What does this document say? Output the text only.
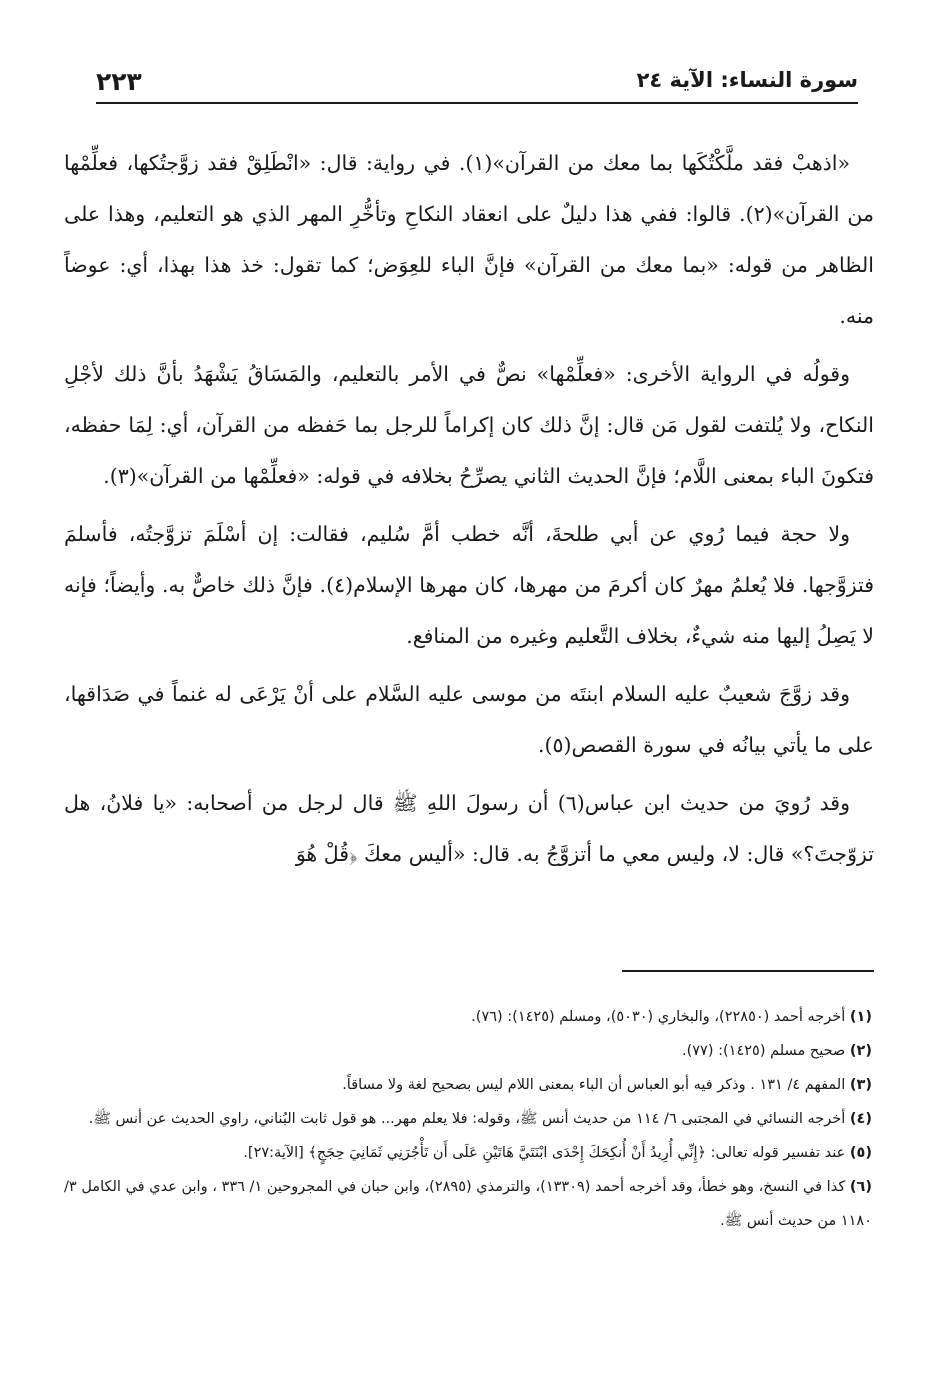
سورة النساء: الآية ٢٤
٢٢٣

«اذهبْ فقد ملَّكْتُكَها بما معك من القرآن»(١). في رواية: قال: «انْطَلِقْ فقد زوَّجتُكها، فعلِّمْها من القرآن»(٢). قالوا: ففي هذا دليلٌ على انعقاد النكاحِ وتأخُّرِ المهر الذي هو التعليم، وهذا على الظاهر من قوله: «بما معك من القرآن» فإنَّ الباء للعِوَض؛ كما تقول: خذ هذا بهذا، أي: عوضاً منه.

وقولُه في الرواية الأخرى: «فعلِّمْها» نصٌّ في الأمر بالتعليم، والمَسَاقُ يَشْهَدُ بأنَّ ذلك لأجْلِ النكاح، ولا يُلتفت لقول مَن قال: إنَّ ذلك كان إكراماً للرجل بما حَفظه من القرآن، أي: لِمَا حفظه، فتكونَ الباء بمعنى اللَّام؛ فإنَّ الحديث الثاني يصرِّحُ بخلافه في قوله: «فعلِّمْها من القرآن»(٣).

ولا حجة فيما رُوي عن أبي طلحةَ، أنَّه خطب أمَّ سُليم، فقالت: إن أسْلَمَ تزوَّجتُه، فأسلمَ فتزوَّجها. فلا يُعلمُ مهرٌ كان أكرمَ من مهرها، كان مهرها الإسلام(٤). فإنَّ ذلك خاصٌّ به. وأيضاً؛ فإنه لا يَصِلُ إليها منه شيءٌ، بخلاف التَّعليم وغيره من المنافع.

وقد زوَّجَ شعيبٌ عليه السلام ابنتَه من موسى عليه السَّلام على أنْ يَرْعَى له غنماً في صَدَاقها، على ما يأتي بيانُه في سورة القصص(٥).

وقد رُويَ من حديث ابن عباس(٦) أن رسولَ اللهِ ﷺ قال لرجل من أصحابه: «يا فلانُ، هل تزوّجتَ؟» قال: لا، وليس معي ما أتزوَّجُ به. قال: «أليس معكَ ﴿قُلْ هُوَ

(١) أخرجه أحمد (٢٢٨٥٠)، والبخاري (٥٠٣٠)، ومسلم (١٤٢٥): (٧٦).

(٢) صحيح مسلم (١٤٢٥): (٧٧).

(٣) المفهم ٤/ ١٣١ . وذكر فيه أبو العباس أن الباء بمعنى اللام ليس بصحيح لغة ولا مساقاً.

(٤) أخرجه النسائي في المجتبى ٦/ ١١٤ من حديث أنس ﷺ، وقوله: فلا يعلم مهر... هو قول ثابت البُناني، راوي الحديث عن أنس ﷺ.

(٥) عند تفسير قوله تعالى: ﴿إِنِّي أُرِيدُ أَنْ أُنكِحَكَ إِحْدَى ابْنَتَيَّ هَاتَيْنِ عَلَى أَن تَأْجُرَنِي ثَمَانِيَ حِجَجٍ﴾ [الآية:٢٧].

(٦) كذا في النسخ، وهو خطأ، وقد أخرجه أحمد (١٣٣٠٩)، والترمذي (٢٨٩٥)، وابن حبان في المجروحين ١/ ٣٣٦ ، وابن عدي في الكامل ٣/ ١١٨٠ من حديث أنس ﷺ.
